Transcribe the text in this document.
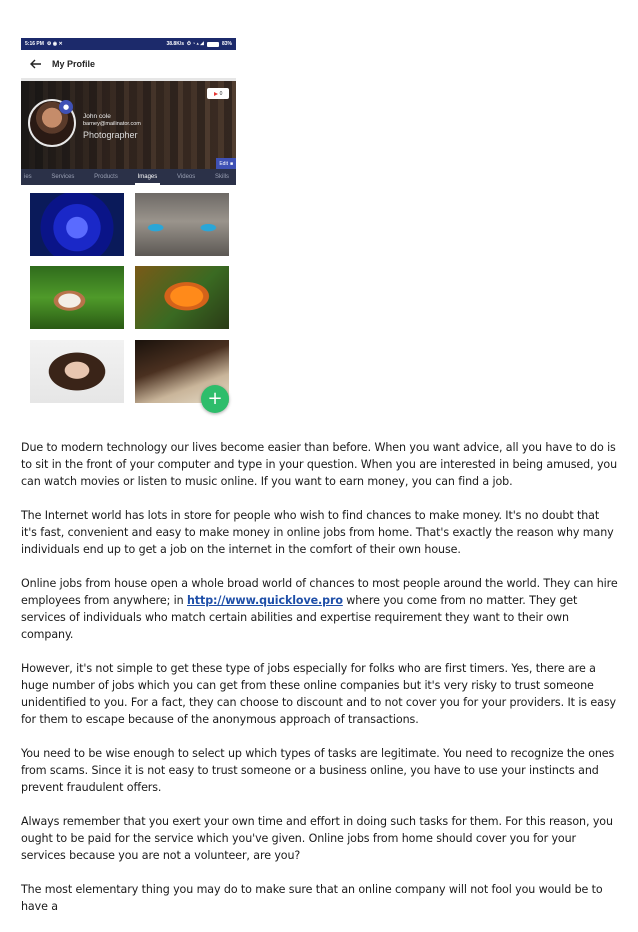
5:16 PM ⚙ ◉ ✕	38.8K/s ⏱ ◔ ▴ ◢	83%
My Profile
●
John cole
barney@mailinator.com
Photographer
0
Edit ■
ies	Services	Products	Images	Videos	Skills
+

Due to modern technology our lives become easier than before. When you want advice, all you have to do is to sit in the front of your computer and type in your question. When you are interested in being amused, you can watch movies or listen to music online. If you want to earn money, you can find a job.

The Internet world has lots in store for people who wish to find chances to make money. It's no doubt that it's fast, convenient and easy to make money in online jobs from home. That's exactly the reason why many individuals end up to get a job on the internet in the comfort of their own house.

Online jobs from house open a whole broad world of chances to most people around the world. They can hire employees from anywhere; in http://www.quicklove.pro where you come from no matter. They get services of individuals who match certain abilities and expertise requirement they want to their own company.

However, it's not simple to get these type of jobs especially for folks who are first timers. Yes, there are a huge number of jobs which you can get from these online companies but it's very risky to trust someone unidentified to you. For a fact, they can choose to discount and to not cover you for your providers. It is easy for them to escape because of the anonymous approach of transactions.

You need to be wise enough to select up which types of tasks are legitimate. You need to recognize the ones from scams. Since it is not easy to trust someone or a business online, you have to use your instincts and prevent fraudulent offers.

Always remember that you exert your own time and effort in doing such tasks for them. For this reason, you ought to be paid for the service which you've given. Online jobs from home should cover you for your services because you are not a volunteer, are you?

The most elementary thing you may do to make sure that an online company will not fool you would be to have a
